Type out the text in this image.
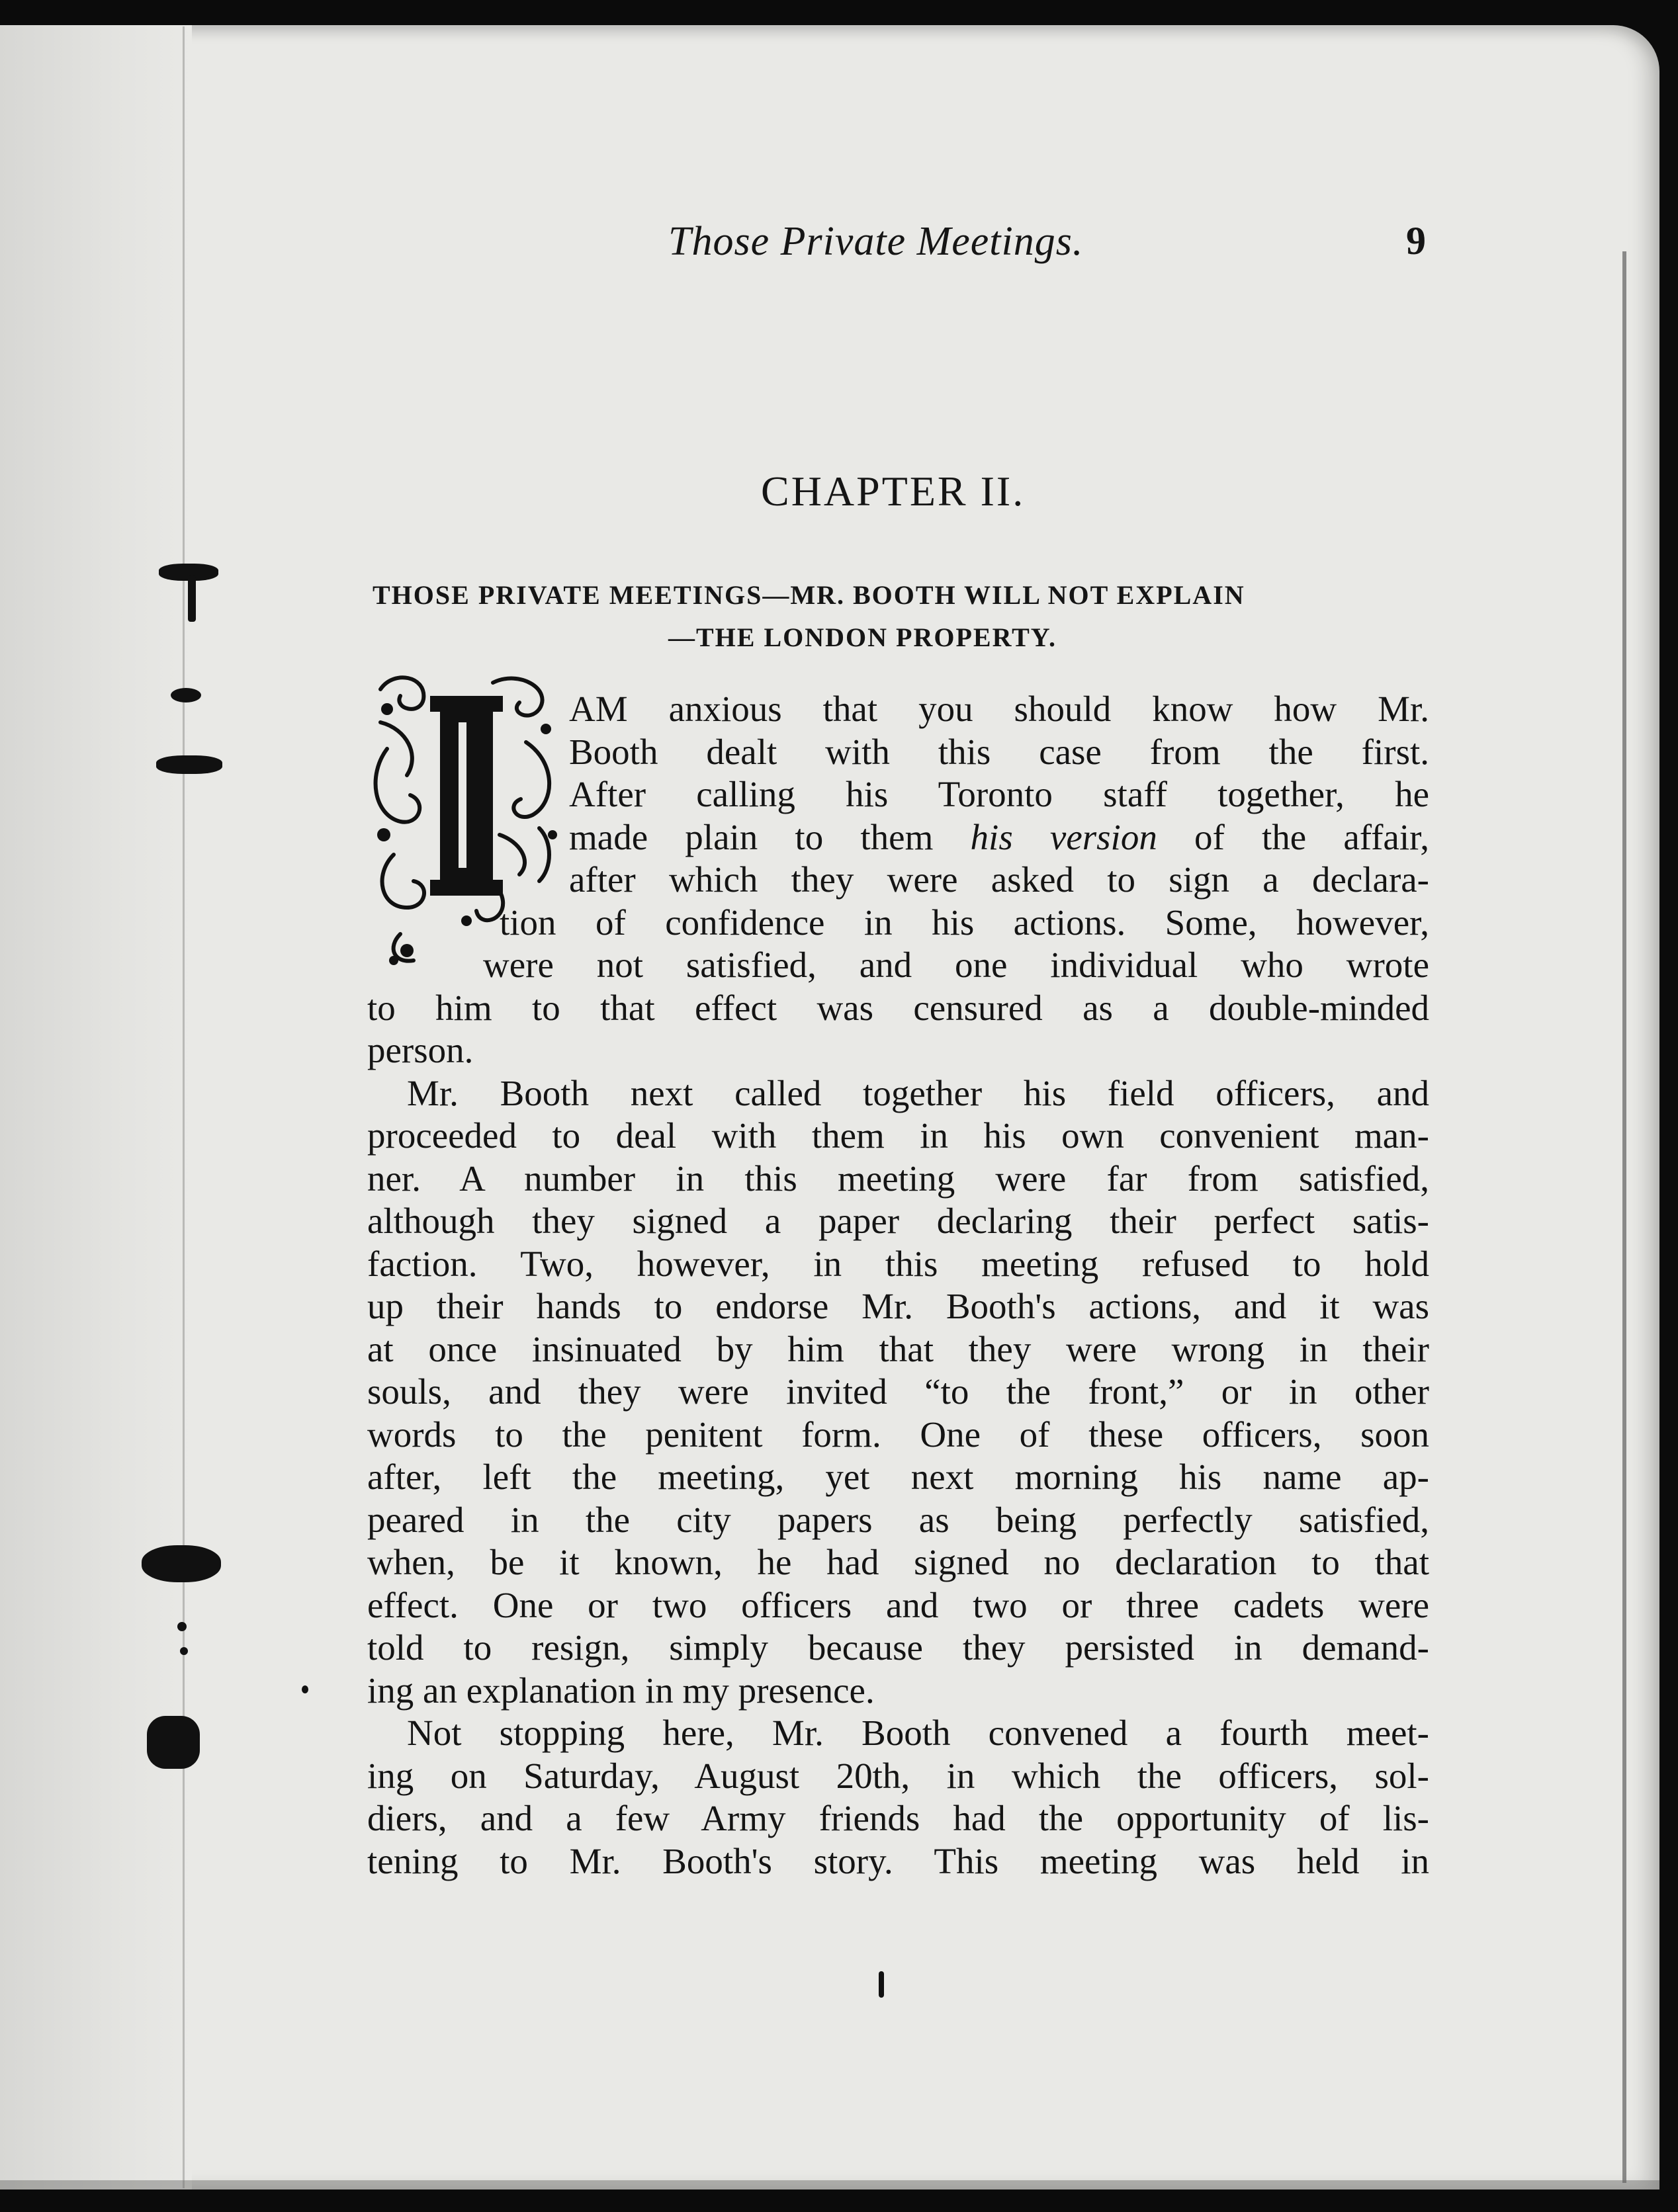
Those Private Meetings.	9
CHAPTER II.
THOSE PRIVATE MEETINGS—MR. BOOTH WILL NOT EXPLAIN
—THE LONDON PROPERTY.
AM anxious that you should know how Mr.
Booth dealt with this case from the first.
After calling his Toronto staff together, he
made plain to them his version of the affair,
after which they were asked to sign a declara-
tion of confidence in his actions. Some, however,
were not satisfied, and one individual who wrote
to him to that effect was censured as a double-minded
person.
Mr. Booth next called together his field officers, and
proceeded to deal with them in his own convenient man-
ner. A number in this meeting were far from satisfied,
although they signed a paper declaring their perfect satis-
faction. Two, however, in this meeting refused to hold
up their hands to endorse Mr. Booth's actions, and it was
at once insinuated by him that they were wrong in their
souls, and they were invited “to the front,” or in other
words to the penitent form. One of these officers, soon
after, left the meeting, yet next morning his name ap-
peared in the city papers as being perfectly satisfied,
when, be it known, he had signed no declaration to that
effect. One or two officers and two or three cadets were
told to resign, simply because they persisted in demand-
ing an explanation in my presence.
Not stopping here, Mr. Booth convened a fourth meet-
ing on Saturday, August 20th, in which the officers, sol-
diers, and a few Army friends had the opportunity of lis-
tening to Mr. Booth's story. This meeting was held in
